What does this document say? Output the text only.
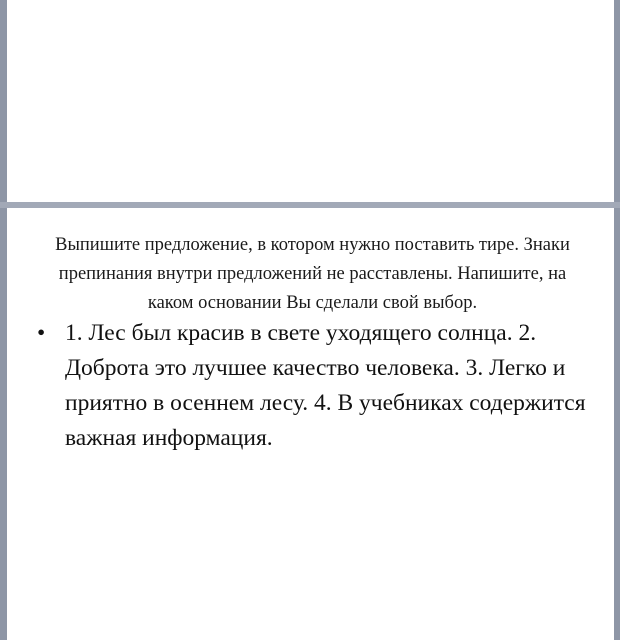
Выпишите предложение, в котором нужно поставить тире. Знаки препинания внутри предложений не расставлены. Напишите, на каком основании Вы сделали свой выбор.
• 1. Лес был красив в свете уходящего солнца. 2. Доброта это лучшее качество человека. 3. Легко и приятно в осеннем лесу. 4. В учебниках содержится важная информация.
